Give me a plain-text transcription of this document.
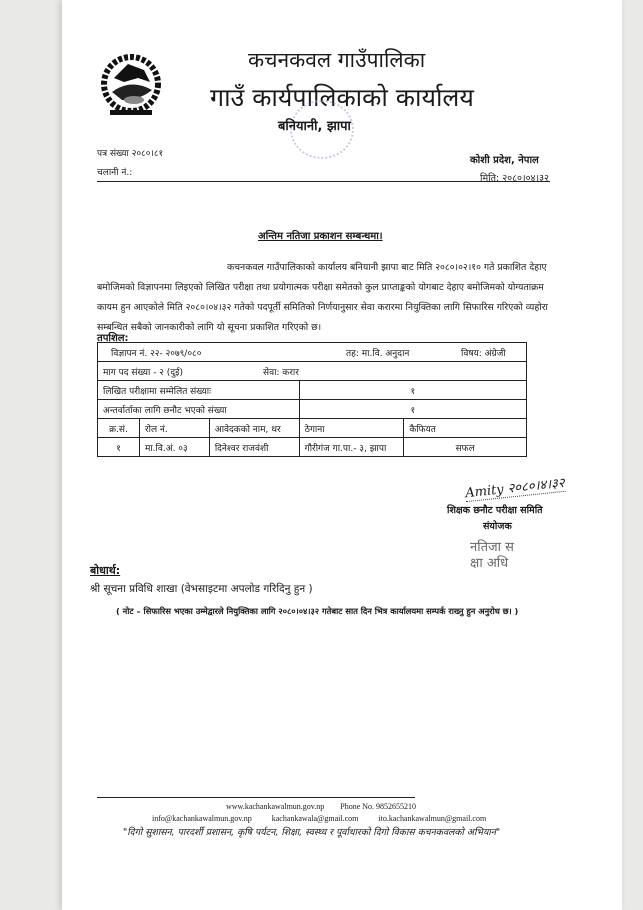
कचनकवल गाउँपालिका
गाउँ कार्यपालिकाको कार्यालय
बनियानी, झापा
पत्र संख्या २०८०।८१
चलानी नं.:
कोशी प्रदेश, नेपाल
मिति: २०८०।०४।३२
अन्तिम नतिजा प्रकाशन सम्बन्धमा।
कचनकवल गाउँपालिकाको कार्यालय बनियानी झापा बाट मिति २०८०।०२।१० गते प्रकाशित देहाए
बमोजिमको विज्ञापनमा लिइएको लिखित परीक्षा तथा प्रयोगात्मक परीक्षा समेतको कुल प्राप्ताङ्कको योगबाट देहाए बमोजिमको योग्यताक्रम
कायम हुन आएकोले मिति २०८०।०४।३२ गतेको पदपूर्ती समितिको निर्णयानुसार सेवा करारमा नियुक्तिका लागि सिफारिस गरिएको व्यहोरा
सम्बन्धित सबैको जानकारीको लागि यो सूचना प्रकाशित गरिएको छ।
तपशिल:
विज्ञापन नं. २२- २०७९/०८० तह: मा.वि. अनुदान विषय: अंग्रेजी				
माग पद संख्या - २ (दुई) सेवा: करार				
लिखित परीक्षामा सम्मेलित संख्याः			१	
अन्तर्वार्ताका लागि छनौट भएको संख्या			१	
क्र.सं.	रोल नं.	आवेदकको नाम, थर	ठेगाना	कैफियत
१	मा.वि.अं. ०३	दिनेश्वर राजवंशी	गौरीगंज गा.पा.- ३, झापा	सफल
Amity २०८०।४।३२
शिक्षक छनौट परीक्षा समिति
संयोजक
नतिजा स
क्षा अधि
बोधार्थ:
श्री सूचना प्रविधि शाखा (वेभसाइटमा अपलोड गरिदिनु हुन )
( नोट – सिफारिस भएका उम्मेद्वारले नियुक्तिका लागि २०८०।०४।३२ गतेबाट सात दिन भित्र कार्यालयमा सम्पर्क राख्नु हुन अनुरोध छ। )
www.kachankawalmun.gov.np Phone No. 9852655210
info@kachankawalmun.gov.np	kachankawala@gmail.com	ito.kachankawalmun@gmail.com
"दिगो सुशासन, पारदर्शी प्रशासन, कृषि पर्यटन, शिक्षा, स्वस्थ्य र पूर्वाधारको दिगो विकास कचनकवलको अभियान"
